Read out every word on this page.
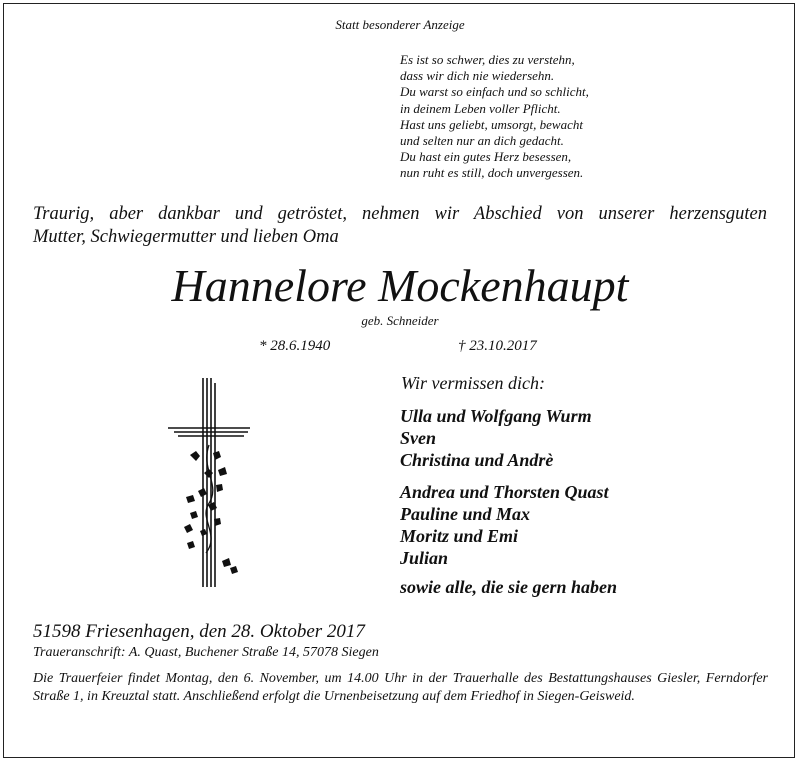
Statt besonderer Anzeige
Es ist so schwer, dies zu verstehn,
dass wir dich nie wiedersehn.
Du warst so einfach und so schlicht,
in deinem Leben voller Pflicht.
Hast uns geliebt, umsorgt, bewacht
und selten nur an dich gedacht.
Du hast ein gutes Herz besessen,
nun ruht es still, doch unvergessen.
Traurig, aber dankbar und getröstet, nehmen wir Abschied von unserer herzensguten
Mutter, Schwiegermutter und lieben Oma
Hannelore Mockenhaupt
geb. Schneider
* 28.6.1940	† 23.10.2017
Wir vermissen dich:
Ulla und Wolfgang Wurm
Sven
Christina und Andrè
Andrea und Thorsten Quast
Pauline und Max
Moritz und Emi
Julian
sowie alle, die sie gern haben
51598 Friesenhagen, den 28. Oktober 2017
Traueranschrift: A. Quast, Buchener Straße 14, 57078 Siegen
Die Trauerfeier findet Montag, den 6. November, um 14.00 Uhr in der Trauerhalle des Bestattungshauses Giesler, Ferndorfer Straße 1, in Kreuztal statt. Anschließend erfolgt die Urnenbeisetzung auf dem Friedhof in Siegen-Geisweid.
